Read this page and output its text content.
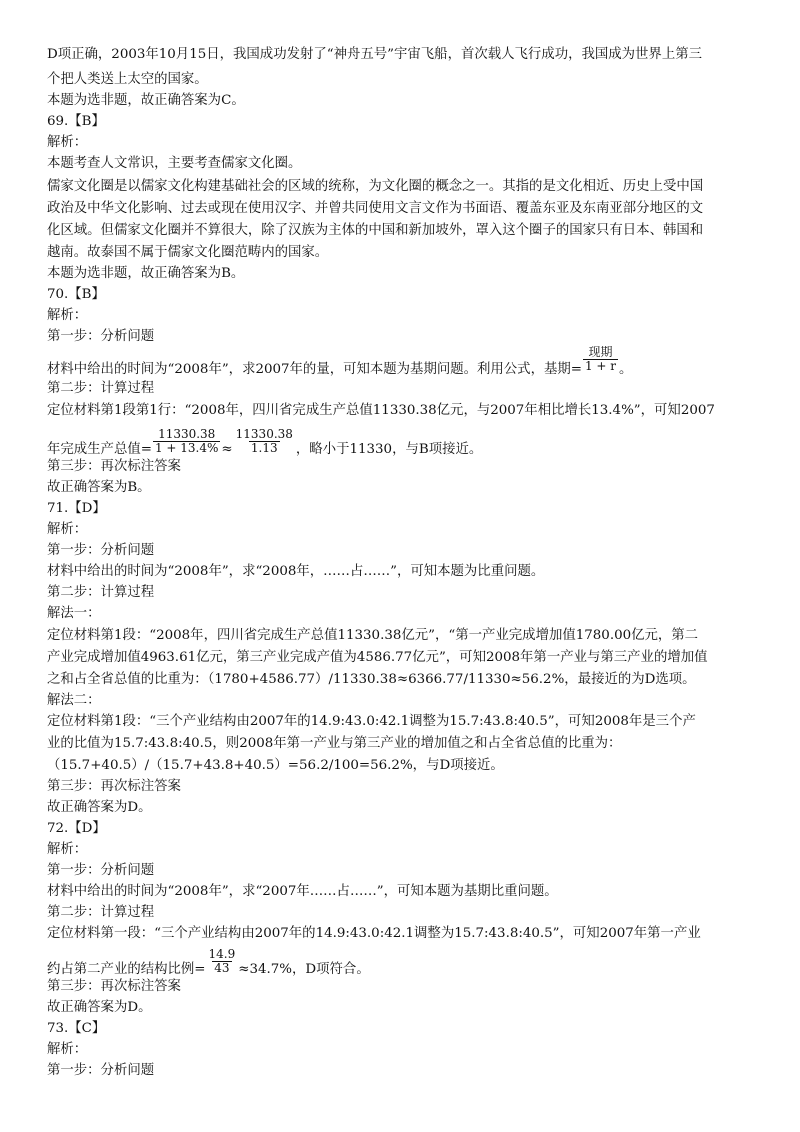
D项正确，2003年10月15日，我国成功发射了“神舟五号”宇宙飞船，首次载人飞行成功，我国成为世界上第三
个把人类送上太空的国家。
本题为选非题，故正确答案为C。
69.【B】
解析：
本题考查人文常识，主要考查儒家文化圈。
儒家文化圈是以儒家文化构建基础社会的区域的统称，为文化圈的概念之一。其指的是文化相近、历史上受中国
政治及中华文化影响、过去或现在使用汉字、并曾共同使用文言文作为书面语、覆盖东亚及东南亚部分地区的文
化区域。但儒家文化圈并不算很大，除了汉族为主体的中国和新加坡外，罩入这个圈子的国家只有日本、韩国和
越南。故泰国不属于儒家文化圈范畴内的国家。
本题为选非题，故正确答案为B。
70.【B】
解析：
第一步：分析问题
材料中给出的时间为“2008年”，求2007年的量，可知本题为基期问题。利用公式，基期= $\frac{\text{现期}}{1 + r}$ 。
第二步：计算过程
定位材料第1段第1行：“2008年，四川省完成生产总值11330.38亿元，与2007年相比增长13.4%”，可知2007
年完成生产总值= $\frac{11330.38}{1 + 13.4\%} \approx \frac{11330.38}{1.13}$ ，略小于11330，与B项接近。
第三步：再次标注答案
故正确答案为B。
71.【D】
解析：
第一步：分析问题
材料中给出的时间为“2008年”，求“2008年，……占……”，可知本题为比重问题。
第二步：计算过程
解法一：
定位材料第1段：“2008年，四川省完成生产总值11330.38亿元”，“第一产业完成增加值1780.00亿元，第二
产业完成增加值4963.61亿元，第三产业完成产值为4586.77亿元”，可知2008年第一产业与第三产业的增加值
之和占全省总值的比重为：（1780+4586.77）/11330.38≈6366.77/11330≈56.2%，最接近的为D选项。
解法二：
定位材料第1段：“三个产业结构由2007年的14.9:43.0:42.1调整为15.7:43.8:40.5”，可知2008年是三个产
业的比值为15.7:43.8:40.5，则2008年第一产业与第三产业的增加值之和占全省总值的比重为：
（15.7+40.5）/（15.7+43.8+40.5）=56.2/100=56.2%，与D项接近。
第三步：再次标注答案
故正确答案为D。
72.【D】
解析：
第一步：分析问题
材料中给出的时间为“2008年”，求“2007年……占……”，可知本题为基期比重问题。
第二步：计算过程
定位材料第一段：“三个产业结构由2007年的14.9:43.0:42.1调整为15.7:43.8:40.5”，可知2007年第一产业
约占第二产业的结构比例= $\frac{14.9}{43} \approx 34.7\%$，D项符合。
第三步：再次标注答案
故正确答案为D。
73.【C】
解析：
第一步：分析问题
